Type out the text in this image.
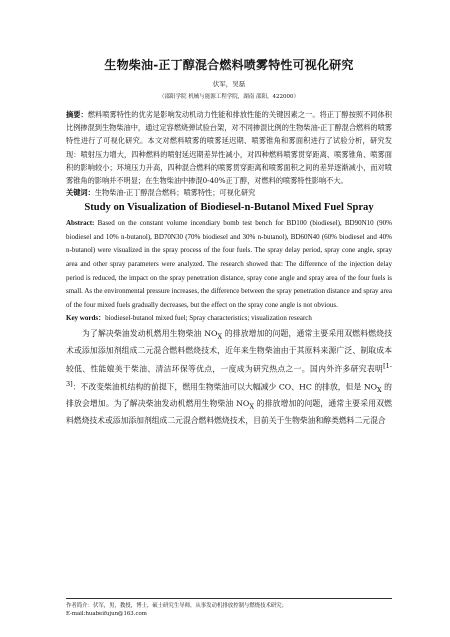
生物柴油-正丁醇混合燃料喷雾特性可视化研究
伏军，吴磊
（邵阳学院 机械与能源工程学院，湖南 邵阳，422000）

摘要：燃料喷雾特性的优劣是影响发动机动力性能和排放性能的关键因素之一。将正丁醇按照不同体积比例掺混到生物柴油中，通过定容燃烧弹试验台架，对不同掺混比例的生物柴油-正丁醇混合燃料的喷雾特性进行了可视化研究。本文对燃料喷雾的喷雾延迟期、喷雾锥角和雾面积进行了试验分析，研究发现：喷射压力增大，四种燃料的喷射延迟期差异性减小，对四种燃料喷雾贯穿距离、喷雾锥角、喷雾面积的影响较小；环境压力升高，四种混合燃料的喷雾贯穿距离和喷雾面积之间的差异逐渐减小，而对喷雾锥角的影响并不明显；在生物柴油中掺混0-40%正丁醇，对燃料的喷雾特性影响不大。

关键词：生物柴油-正丁醇混合燃料；喷雾特性；可视化研究

Study on Visualization of Biodiesel-n-Butanol Mixed Fuel Spray

Abstract: Based on the constant volume incendiary bomb test bench for BD100 (biodiesel), BD90N10 (90% biodiesel and 10% n-butanol), BD70N30 (70% biodiesel and 30% n-butanol), BD60N40 (60% biodiesel and 40% n-butanol) were visualized in the spray process of the four fuels. The spray delay period, spray cone angle, spray area and other spray parameters were analyzed. The research showed that: The difference of the injection delay period is reduced, the impact on the spray penetration distance, spray cone angle and spray area of the four fuels is small. As the environmental pressure increases, the difference between the spray penetration distance and spray area of the four mixed fuels gradually decreases, but the effect on the spray cone angle is not obvious.

Key words：biodiesel-butanol mixed fuel; Spray characteristics; visualization research

为了解决柴油发动机燃用生物柴油 $NO_X$ 的排放增加的问题，通常主要采用双燃料燃烧技术或添加添加剂组成二元混合燃料燃烧技术，近年来生物柴油由于其原料来源广泛、制取成本较低、性能媲美于柴油、清洁环保等优点，一度成为研究热点之一。国内外许多研究表明[1-3]：不改变柴油机结构的前提下，燃用生物柴油可以大幅减少 CO、HC 的排放，但是 $NO_X$ 的排放会增加。为了解决柴油发动机燃用生物柴油 $NO_X$ 的排放增加的问题，通常主要采用双燃料燃烧技术或添加添加剂组成二元混合燃料燃烧技术，目前关于生物柴油和醇类燃料二元混合

作者简介：伏军，男，教授，博士，硕士研究生导师，从事发动机排放控制与燃烧技术研究；
E-mail:huabeifujun@163.com
